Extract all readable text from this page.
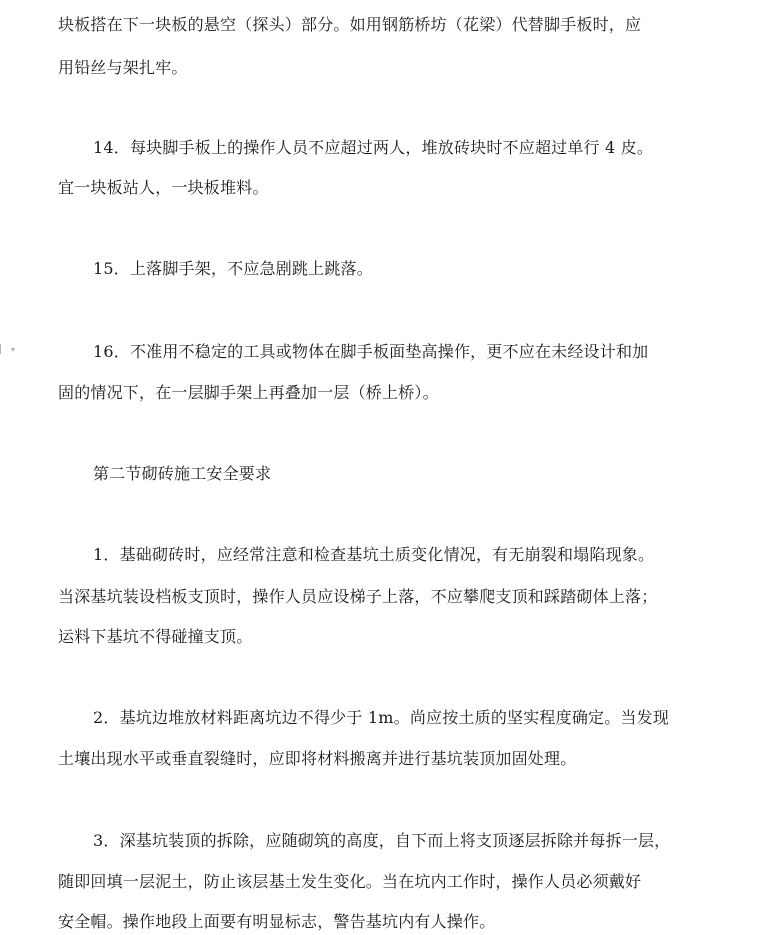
▾
块板搭在下一块板的悬空（探头）部分。如用钢筋桥坊（花梁）代替脚手板时，应
用铅丝与架扎牢。
14．每块脚手板上的操作人员不应超过两人，堆放砖块时不应超过单行 4 皮。
宜一块板站人，一块板堆料。
15．上落脚手架，不应急剧跳上跳落。
16．不准用不稳定的工具或物体在脚手板面垫高操作，更不应在未经设计和加
固的情况下，在一层脚手架上再叠加一层（桥上桥）。
第二节砌砖施工安全要求
1．基础砌砖时，应经常注意和检查基坑土质变化情况，有无崩裂和塌陷现象。
当深基坑装设档板支顶时，操作人员应设梯子上落，不应攀爬支顶和踩踏砌体上落；
运料下基坑不得碰撞支顶。
2．基坑边堆放材料距离坑边不得少于 1m。尚应按土质的坚实程度确定。当发现
土壤出现水平或垂直裂缝时，应即将材料搬离并进行基坑装顶加固处理。
3．深基坑装顶的拆除，应随砌筑的高度，自下而上将支顶逐层拆除并每拆一层，
随即回填一层泥土，防止该层基土发生变化。当在坑内工作时，操作人员必须戴好
安全帽。操作地段上面要有明显标志，警告基坑内有人操作。
